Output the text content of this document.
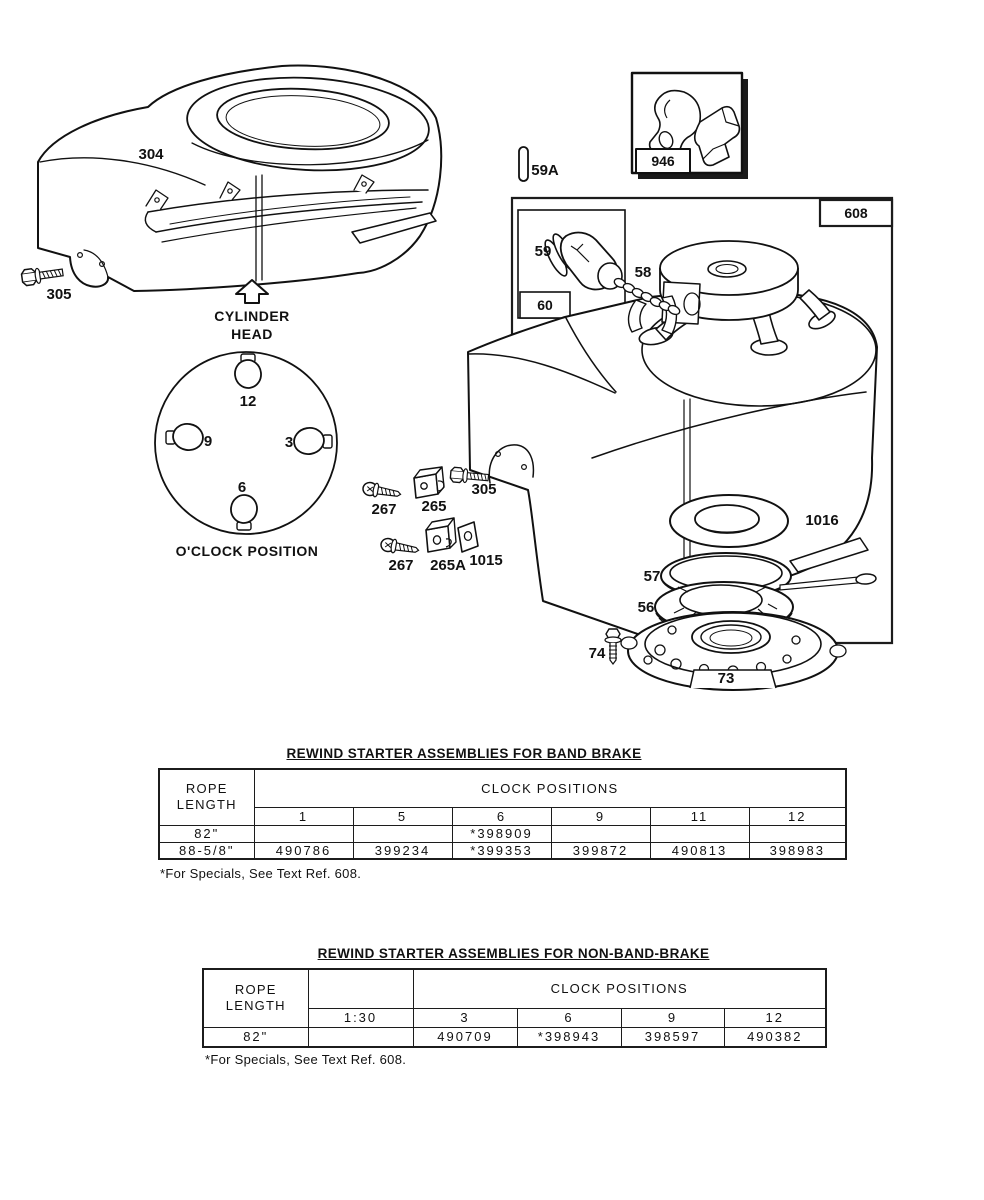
304
305
CYLINDER
HEAD
12
9	3
6
O'CLOCK POSITION
59A
946
608
59
60
58
267 265
305
267 265A 1015
1016
57
56
74
73
REWIND STARTER ASSEMBLIES FOR BAND BRAKE
ROPE
LENGTH	CLOCK POSITIONS					
	1	5	6	9	11	12
82"			*398909			
88-5/8"	490786	399234	*399353	399872	490813	398983
*For Specials, See Text Ref. 608.
REWIND STARTER ASSEMBLIES FOR NON-BAND-BRAKE
ROPE
LENGTH		CLOCK POSITIONS			
	1:30	3	6	9	12
82"		490709	*398943	398597	490382
*For Specials, See Text Ref. 608.
